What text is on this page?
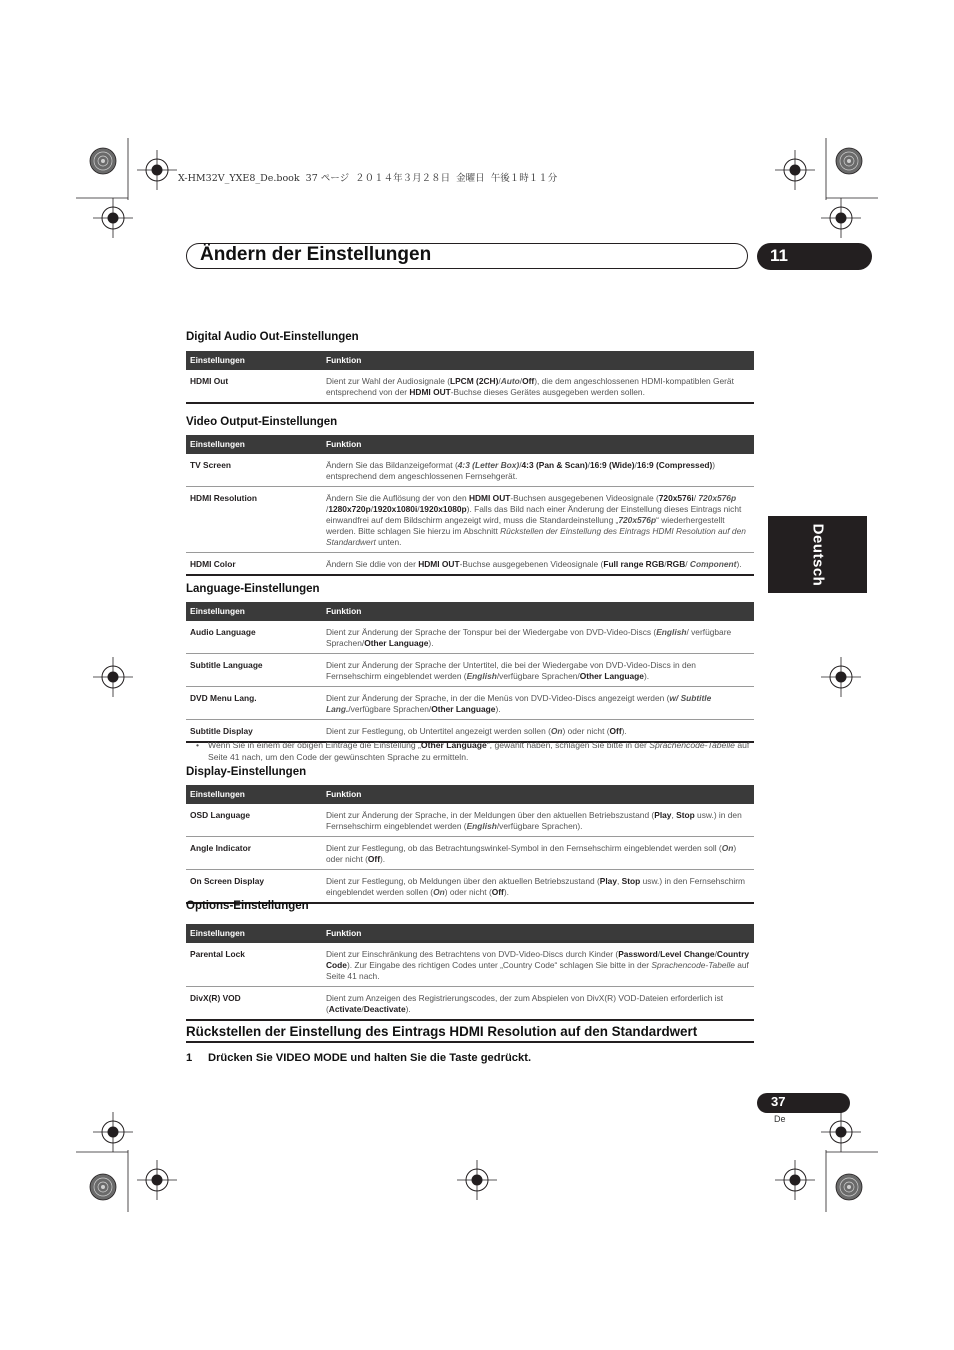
X-HM32V_YXE8_De.book  37 ページ  ２０１４年３月２８日  金曜日  午後１時１１分
Ändern der Einstellungen	11
Deutsch
Digital Audio Out-Einstellungen
Einstellungen	Funktion
HDMI Out	Dient zur Wahl der Audiosignale (LPCM (2CH)/Auto/Off), die dem angeschlossenen HDMI-kompatiblen Gerät entsprechend von der HDMI OUT-Buchse dieses Gerätes ausgegeben werden sollen.
Video Output-Einstellungen
Einstellungen	Funktion
TV Screen	Ändern Sie das Bildanzeigeformat (4:3 (Letter Box)/4:3 (Pan & Scan)/16:9 (Wide)/16:9 (Compressed)) entsprechend dem angeschlossenen Fernsehgerät.
HDMI Resolution	Ändern Sie die Auflösung der von den HDMI OUT-Buchsen ausgegebenen Videosignale (720x576i/ 720x576p /1280x720p/1920x1080i/1920x1080p). Falls das Bild nach einer Änderung der Einstellung dieses Eintrags nicht einwandfrei auf dem Bildschirm angezeigt wird, muss die Standardeinstellung „720x576p“ wiederhergestellt werden. Bitte schlagen Sie hierzu im Abschnitt Rückstellen der Einstellung des Eintrags HDMI Resolution auf den Standardwert unten.
HDMI Color	Ändern Sie ddie von der HDMI OUT-Buchse ausgegebenen Videosignale (Full range RGB/RGB/ Component).
Language-Einstellungen
Einstellungen	Funktion
Audio Language	Dient zur Änderung der Sprache der Tonspur bei der Wiedergabe von DVD-Video-Discs (English/ verfügbare Sprachen/Other Language).
Subtitle Language	Dient zur Änderung der Sprache der Untertitel, die bei der Wiedergabe von DVD-Video-Discs in den Fernsehschirm eingeblendet werden (English/verfügbare Sprachen/Other Language).
DVD Menu Lang.	Dient zur Änderung der Sprache, in der die Menüs von DVD-Video-Discs angezeigt werden (w/ Subtitle Lang./verfügbare Sprachen/Other Language).
Subtitle Display	Dient zur Festlegung, ob Untertitel angezeigt werden sollen (On) oder nicht (Off).
•	Wenn Sie in einem der obigen Einträge die Einstellung „Other Language“, gewählt haben, schlagen Sie bitte in der Sprachencode-Tabelle auf Seite 41 nach, um den Code der gewünschten Sprache zu ermitteln.
Display-Einstellungen
Einstellungen	Funktion
OSD Language	Dient zur Änderung der Sprache, in der Meldungen über den aktuellen Betriebszustand (Play, Stop usw.) in den Fernsehschirm eingeblendet werden (English/verfügbare Sprachen).
Angle Indicator	Dient zur Festlegung, ob das Betrachtungswinkel-Symbol in den Fernsehschirm eingeblendet werden soll (On) oder nicht (Off).
On Screen Display	Dient zur Festlegung, ob Meldungen über den aktuellen Betriebszustand (Play, Stop usw.) in den Fernsehschirm eingeblendet werden sollen (On) oder nicht (Off).
Options-Einstellungen
Einstellungen	Funktion
Parental Lock	Dient zur Einschränkung des Betrachtens von DVD-Video-Discs durch Kinder (Password/Level Change/Country Code). Zur Eingabe des richtigen Codes unter „Country Code“ schlagen Sie bitte in der Sprachencode-Tabelle auf Seite 41 nach.
DivX(R) VOD	Dient zum Anzeigen des Registrierungscodes, der zum Abspielen von DivX(R) VOD-Dateien erforderlich ist (Activate/Deactivate).
Rückstellen der Einstellung des Eintrags HDMI Resolution auf den Standardwert
1 Drücken Sie VIDEO MODE und halten Sie die Taste gedrückt.
37
De
